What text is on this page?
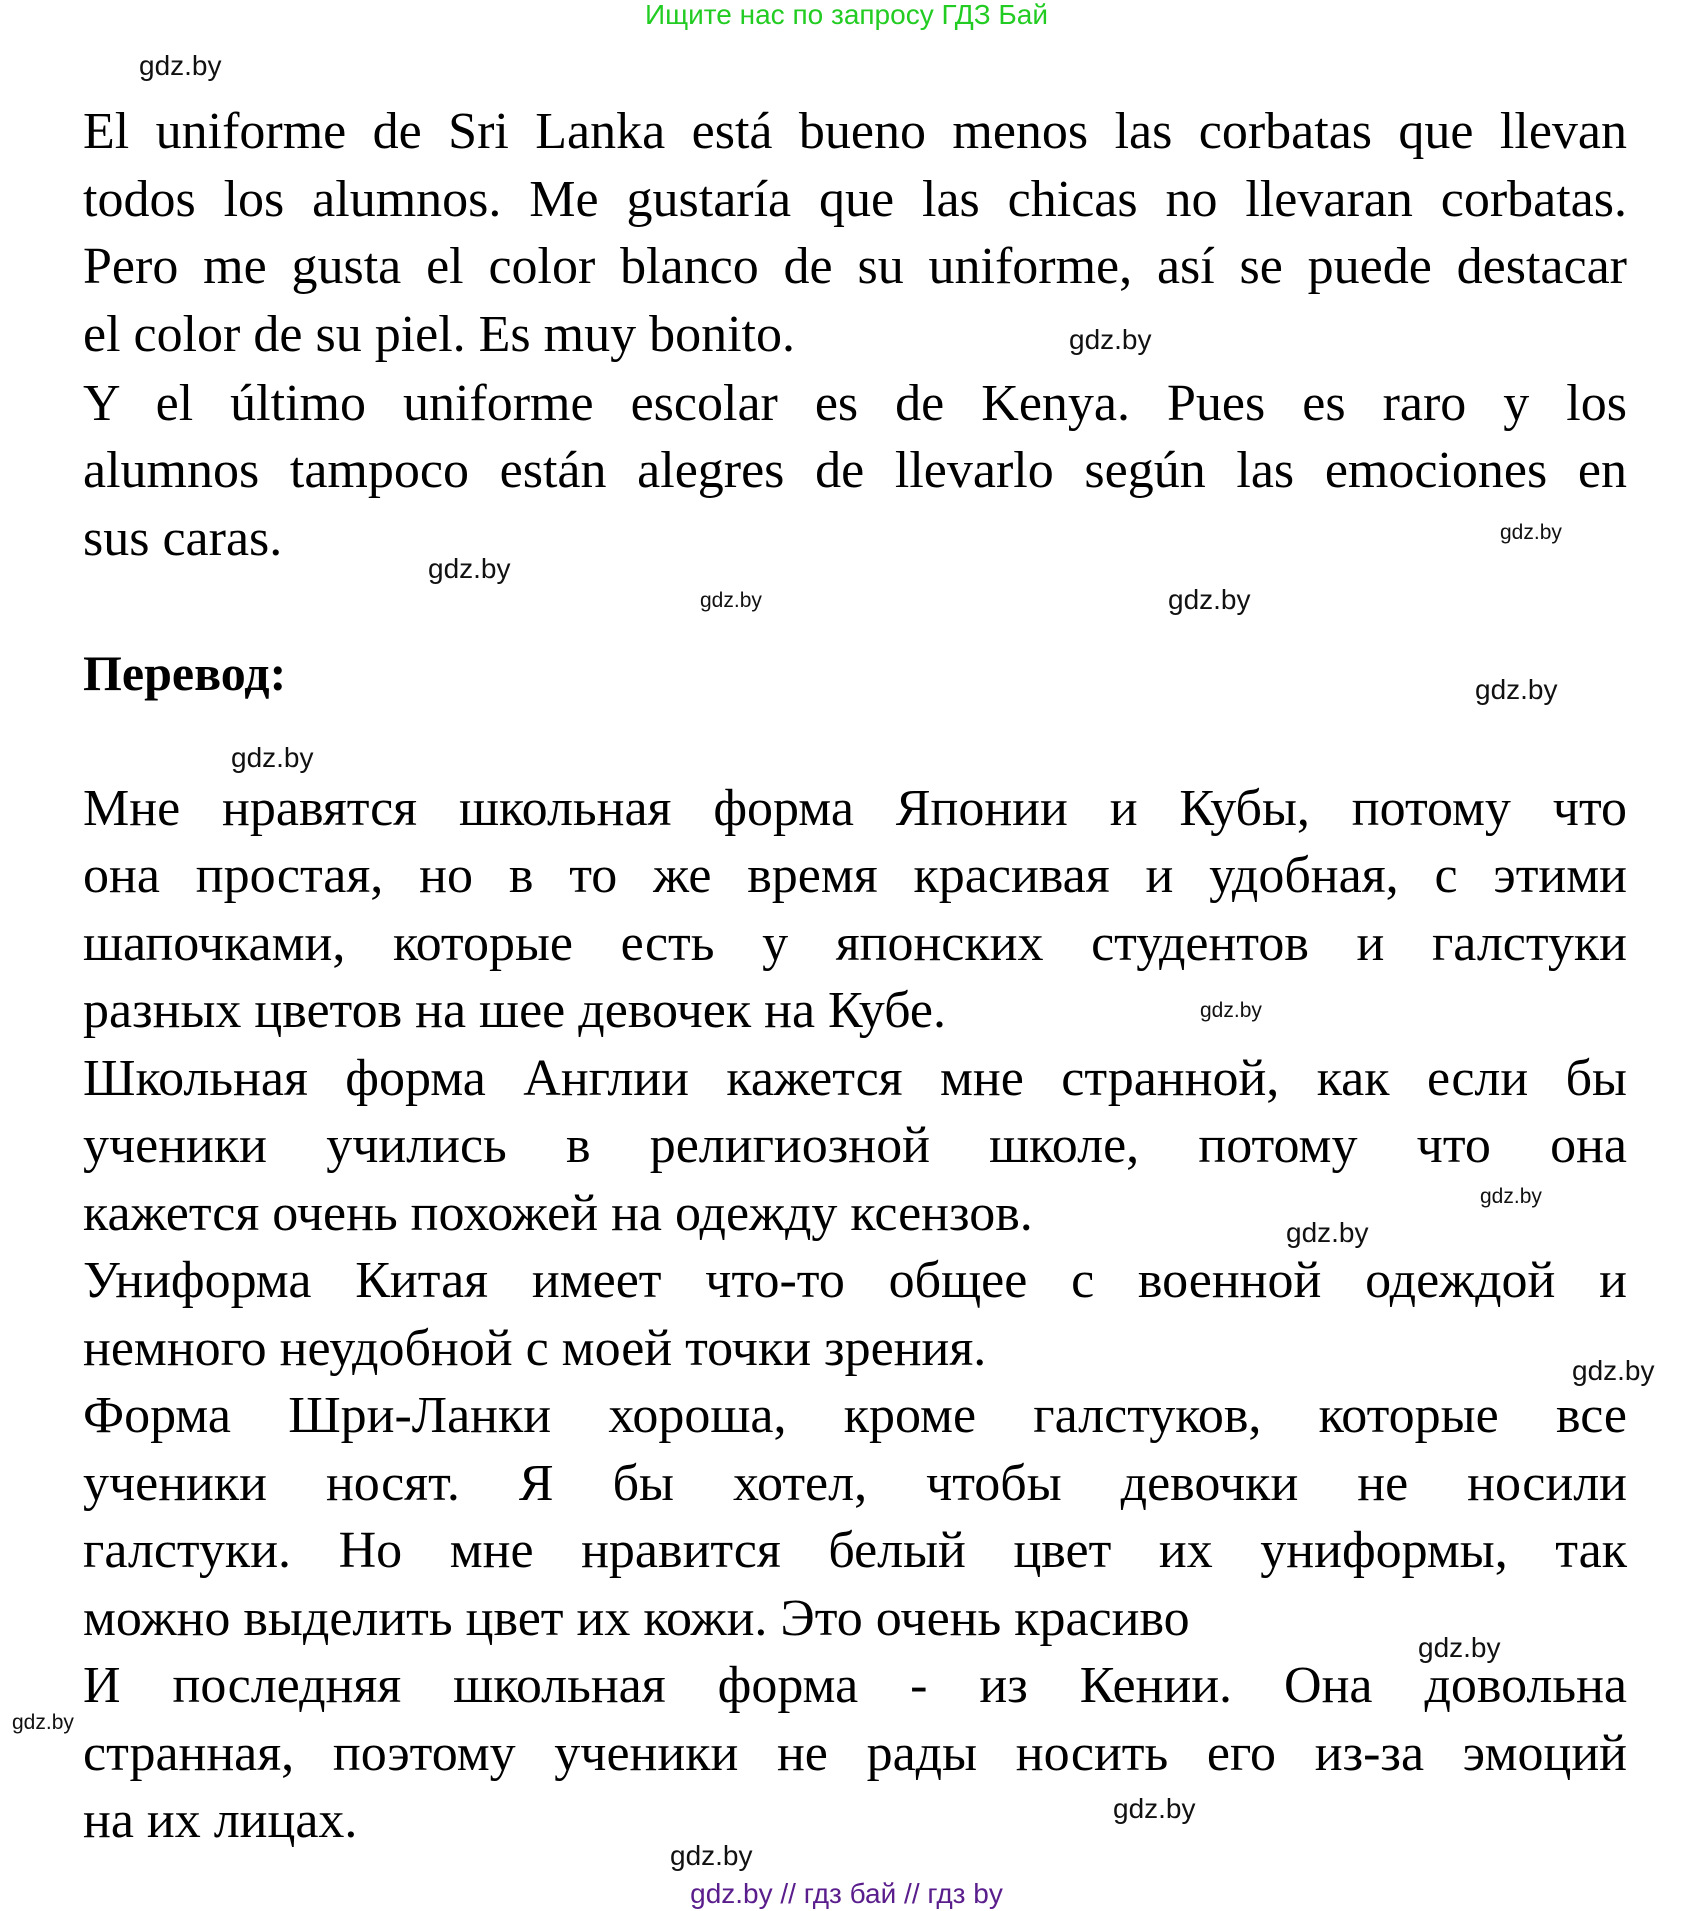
Ищите нас по запросу ГДЗ Бай
El uniforme de Sri Lanka está bueno menos las corbatas que llevan
todos los alumnos. Me gustaría que las chicas no llevaran corbatas.
Pero me gusta el color blanco de su uniforme, así se puede destacar
el color de su piel. Es muy bonito.
Y el último uniforme escolar es de Kenya. Pues es raro y los
alumnos tampoco están alegres de llevarlo según las emociones en
sus caras.
Перевод:
Мне нравятся школьная форма Японии и Кубы, потому что
она простая, но в то же время красивая и удобная, с этими
шапочками, которые есть у японских студентов и галстуки
разных цветов на шее девочек на Кубе.
Школьная форма Англии кажется мне странной, как если бы
ученики учились в религиозной школе, потому что она
кажется очень похожей на одежду ксензов.
Униформа Китая имеет что-то общее с военной одеждой и
немного неудобной с моей точки зрения.
Форма Шри-Ланки хороша, кроме галстуков, которые все
ученики носят. Я бы хотел, чтобы девочки не носили
галстуки. Но мне нравится белый цвет их униформы, так
можно выделить цвет их кожи. Это очень красиво
И последняя школьная форма - из Кении. Она довольна
странная, поэтому ученики не рады носить его из-за эмоций
на их лицах.
gdz.by
gdz.by
gdz.by
gdz.by
gdz.by
gdz.by
gdz.by
gdz.by
gdz.by
gdz.by
gdz.by
gdz.by
gdz.by
gdz.by
gdz.by
gdz.by
gdz.by // гдз бай // гдз by
